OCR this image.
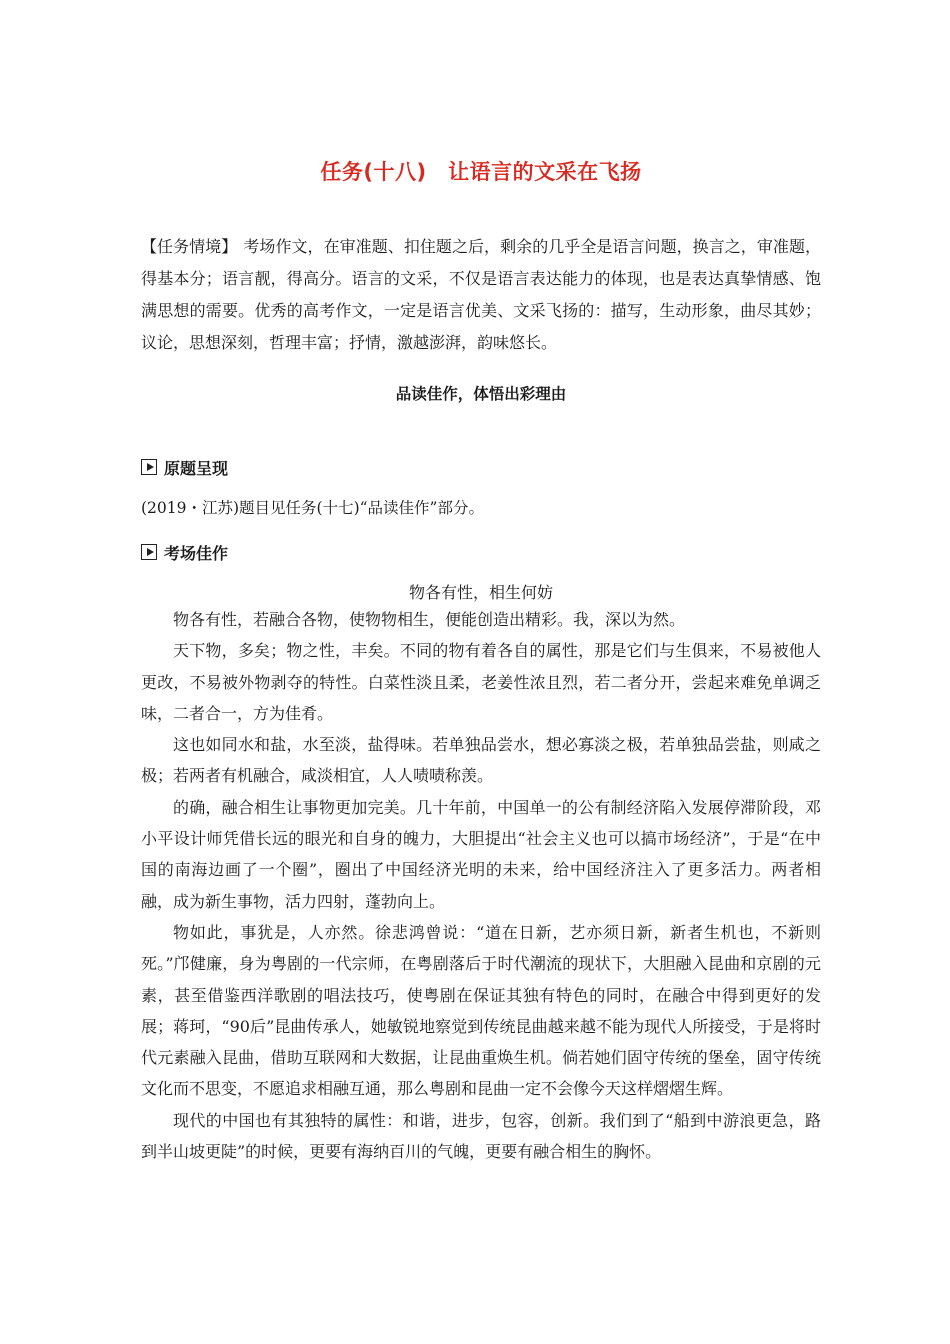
任务(十八)　让语言的文采在飞扬
【任务情境】 考场作文，在审准题、扣住题之后，剩余的几乎全是语言问题，换言之，审准题，得基本分；语言靓，得高分。语言的文采，不仅是语言表达能力的体现，也是表达真挚情感、饱满思想的需要。优秀的高考作文，一定是语言优美、文采飞扬的：描写，生动形象，曲尽其妙；议论，思想深刻，哲理丰富；抒情，激越澎湃，韵味悠长。
品读佳作，体悟出彩理由
原题呈现
(2019・江苏)题目见任务(十七)“品读佳作”部分。
考场佳作
物各有性，相生何妨

物各有性，若融合各物，使物物相生，便能创造出精彩。我，深以为然。

天下物，多矣；物之性，丰矣。不同的物有着各自的属性，那是它们与生俱来，不易被他人更改，不易被外物剥夺的特性。白菜性淡且柔，老姜性浓且烈，若二者分开，尝起来难免单调乏味，二者合一，方为佳肴。

这也如同水和盐，水至淡，盐得味。若单独品尝水，想必寡淡之极，若单独品尝盐，则咸之极；若两者有机融合，咸淡相宜，人人啧啧称羡。

的确，融合相生让事物更加完美。几十年前，中国单一的公有制经济陷入发展停滞阶段，邓小平设计师凭借长远的眼光和自身的魄力，大胆提出“社会主义也可以搞市场经济”，于是“在中国的南海边画了一个圈”，圈出了中国经济光明的未来，给中国经济注入了更多活力。两者相融，成为新生事物，活力四射，蓬勃向上。

物如此，事犹是，人亦然。徐悲鸿曾说：“道在日新，艺亦须日新，新者生机也，不新则死。”邝健廉，身为粤剧的一代宗师，在粤剧落后于时代潮流的现状下，大胆融入昆曲和京剧的元素，甚至借鉴西洋歌剧的唱法技巧，使粤剧在保证其独有特色的同时，在融合中得到更好的发展；蒋珂，“90后”昆曲传承人，她敏锐地察觉到传统昆曲越来越不能为现代人所接受，于是将时代元素融入昆曲，借助互联网和大数据，让昆曲重焕生机。倘若她们固守传统的堡垒，固守传统文化而不思变，不愿追求相融互通，那么粤剧和昆曲一定不会像今天这样熠熠生辉。

现代的中国也有其独特的属性：和谐，进步，包容，创新。我们到了“船到中游浪更急，路到半山坡更陡”的时候，更要有海纳百川的气魄，更要有融合相生的胸怀。
